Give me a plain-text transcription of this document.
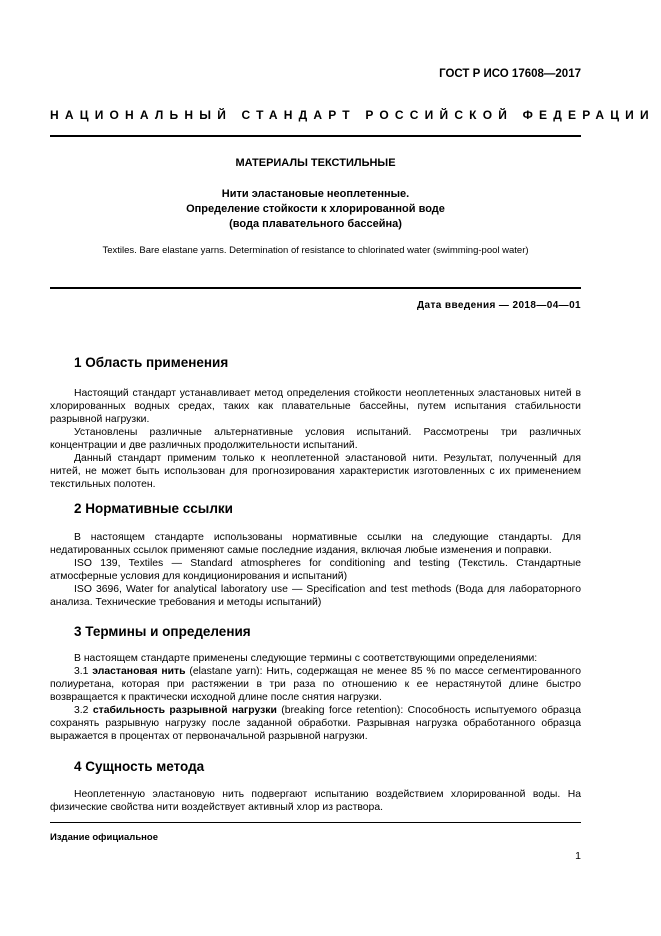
ГОСТ Р ИСО 17608—2017
НАЦИОНАЛЬНЫЙ СТАНДАРТ РОССИЙСКОЙ ФЕДЕРАЦИИ
МАТЕРИАЛЫ ТЕКСТИЛЬНЫЕ
Нити эластановые неоплетенные.
Определение стойкости к хлорированной воде
(вода плавательного бассейна)
Textiles. Bare elastane yarns. Determination of resistance to chlorinated water (swimming-pool water)
Дата введения — 2018—04—01

1 Область применения

Настоящий стандарт устанавливает метод определения стойкости неоплетенных эластановых нитей в хлорированных водных средах, таких как плавательные бассейны, путем испытания стабильности разрывной нагрузки.

Установлены различные альтернативные условия испытаний. Рассмотрены три различных концентрации и две различных продолжительности испытаний.

Данный стандарт применим только к неоплетенной эластановой нити. Результат, полученный для нитей, не может быть использован для прогнозирования характеристик изготовленных с их применением текстильных полотен.

2 Нормативные ссылки

В настоящем стандарте использованы нормативные ссылки на следующие стандарты. Для недатированных ссылок применяют самые последние издания, включая любые изменения и поправки.

ISO 139, Textiles — Standard atmospheres for conditioning and testing (Текстиль. Стандартные атмосферные условия для кондиционирования и испытаний)

ISO 3696, Water for analytical laboratory use — Specification and test methods (Вода для лабораторного анализа. Технические требования и методы испытаний)

3 Термины и определения

В настоящем стандарте применены следующие термины с соответствующими определениями:

3.1 эластановая нить (elastane yarn): Нить, содержащая не менее 85 % по массе сегментированного полиуретана, которая при растяжении в три раза по отношению к ее нерастянутой длине быстро возвращается к практически исходной длине после снятия нагрузки.

3.2 стабильность разрывной нагрузки (breaking force retention): Способность испытуемого образца сохранять разрывную нагрузку после заданной обработки. Разрывная нагрузка обработанного образца выражается в процентах от первоначальной разрывной нагрузки.

4 Сущность метода

Неоплетенную эластановую нить подвергают испытанию воздействием хлорированной воды. На физические свойства нити воздействует активный хлор из раствора.

Издание официальное
1
